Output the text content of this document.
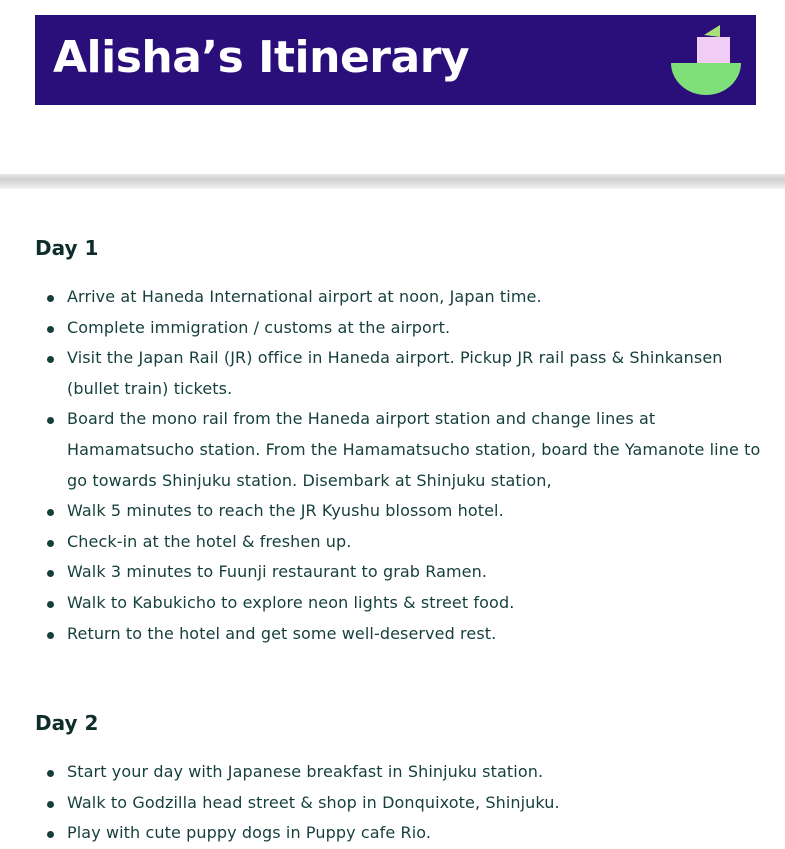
Alisha’s Itinerary
Day 1
Arrive at Haneda International airport at noon, Japan time.
Complete immigration / customs at the airport.
Visit the Japan Rail (JR) office in Haneda airport. Pickup JR rail pass & Shinkansen (bullet train) tickets.
Board the mono rail from the Haneda airport station and change lines at Hamamatsucho station. From the Hamamatsucho station, board the Yamanote line to go towards Shinjuku station. Disembark at Shinjuku station,
Walk 5 minutes to reach the JR Kyushu blossom hotel.
Check-in at the hotel & freshen up.
Walk 3 minutes to Fuunji restaurant to grab Ramen.
Walk to Kabukicho to explore neon lights & street food.
Return to the hotel and get some well-deserved rest.
Day 2
Start your day with Japanese breakfast in Shinjuku station.
Walk to Godzilla head street & shop in Donquixote, Shinjuku.
Play with cute puppy dogs in Puppy cafe Rio.
